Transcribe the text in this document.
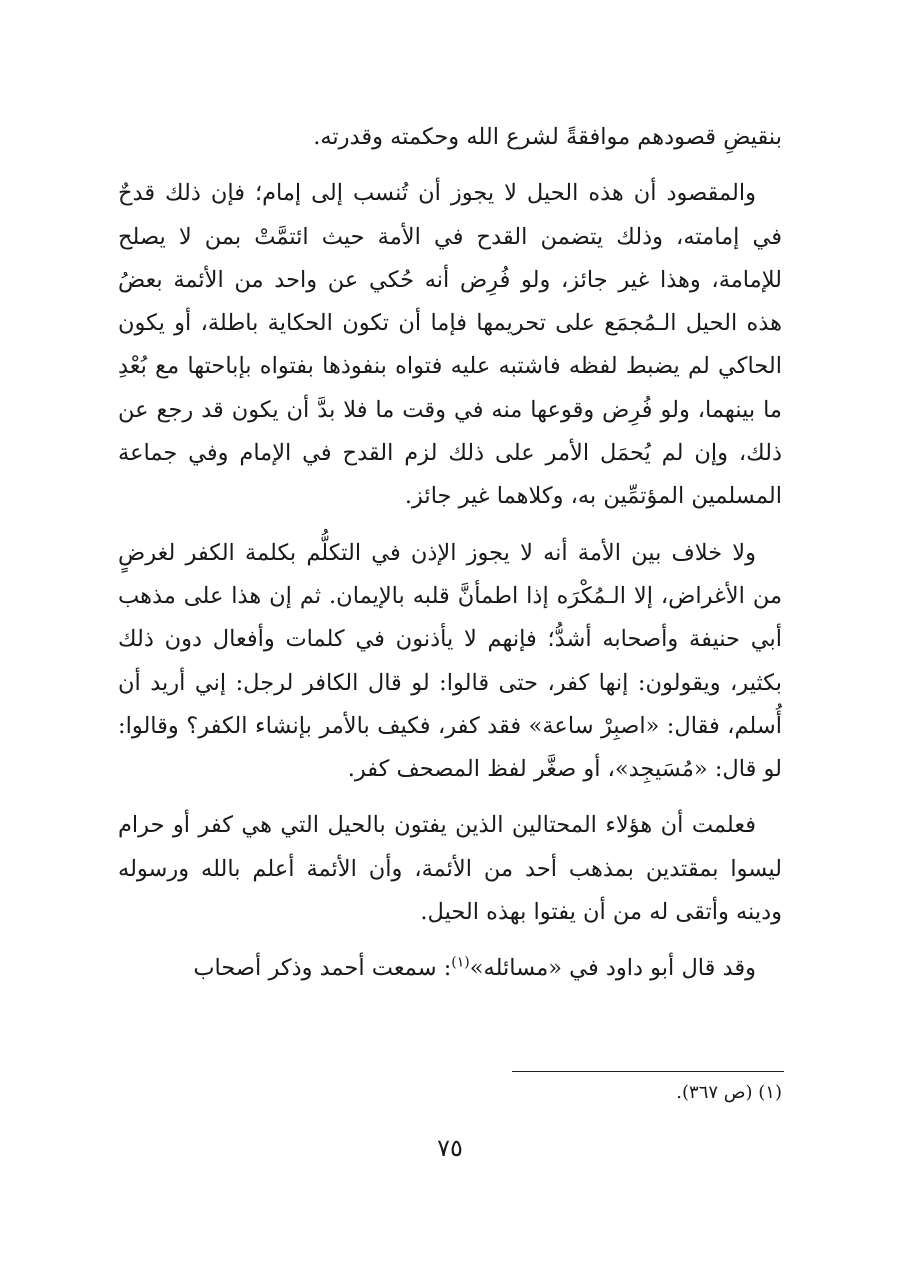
بنقيضِ قصودهم موافقةً لشرع الله وحكمته وقدرته.

والمقصود أن هذه الحيل لا يجوز أن تُنسب إلى إمام؛ فإن ذلك قدحٌ في إمامته، وذلك يتضمن القدح في الأمة حيث ائتمَّتْ بمن لا يصلح للإمامة، وهذا غير جائز، ولو فُرِض أنه حُكي عن واحد من الأئمة بعضُ هذه الحيل الـمُجمَع على تحريمها فإما أن تكون الحكاية باطلة، أو يكون الحاكي لم يضبط لفظه فاشتبه عليه فتواه بنفوذها بفتواه بإباحتها مع بُعْدِ ما بينهما، ولو فُرِض وقوعها منه في وقت ما فلا بدَّ أن يكون قد رجع عن ذلك، وإن لم يُحمَل الأمر على ذلك لزم القدح في الإمام وفي جماعة المسلمين المؤتمِّين به، وكلاهما غير جائز.

ولا خلاف بين الأمة أنه لا يجوز الإذن في التكلُّم بكلمة الكفر لغرضٍ من الأغراض، إلا الـمُكْرَه إذا اطمأنَّ قلبه بالإيمان. ثم إن هذا على مذهب أبي حنيفة وأصحابه أشدُّ؛ فإنهم لا يأذنون في كلمات وأفعال دون ذلك بكثير، ويقولون: إنها كفر، حتى قالوا: لو قال الكافر لرجل: إني أريد أن أُسلم، فقال: «اصبِرْ ساعة» فقد كفر، فكيف بالأمر بإنشاء الكفر؟ وقالوا: لو قال: «مُسَيجِد»، أو صغَّر لفظ المصحف كفر.

فعلمت أن هؤلاء المحتالين الذين يفتون بالحيل التي هي كفر أو حرام ليسوا بمقتدين بمذهب أحد من الأئمة، وأن الأئمة أعلم بالله ورسوله ودينه وأتقى له من أن يفتوا بهذه الحيل.

وقد قال أبو داود في «مسائله»$^{(١)}$: سمعت أحمد وذكر أصحاب

(١) (ص ٣٦٧).
٧٥
